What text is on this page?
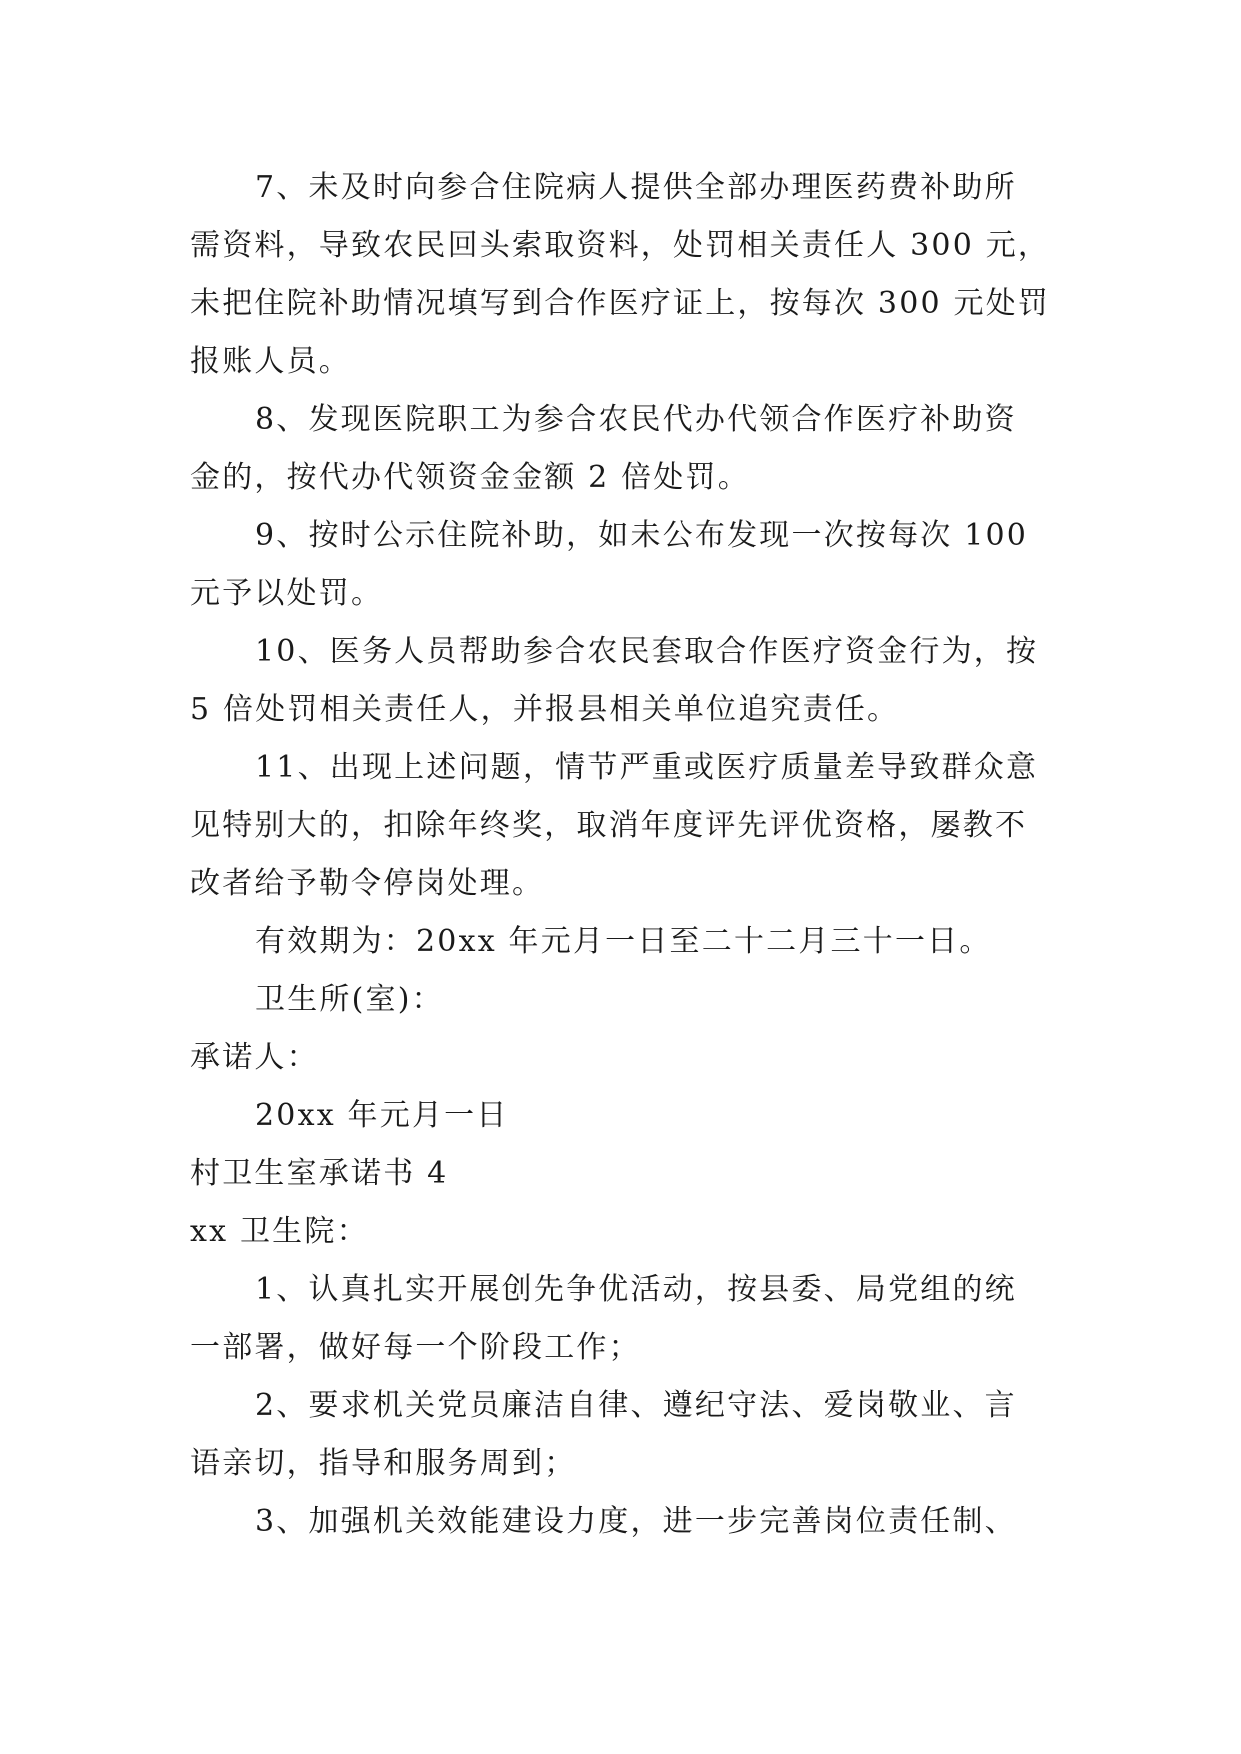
7、未及时向参合住院病人提供全部办理医药费补助所
需资料，导致农民回头索取资料，处罚相关责任人 300 元，
未把住院补助情况填写到合作医疗证上，按每次 300 元处罚
报账人员。
8、发现医院职工为参合农民代办代领合作医疗补助资
金的，按代办代领资金金额 2 倍处罚。
9、按时公示住院补助，如未公布发现一次按每次 100
元予以处罚。
10、医务人员帮助参合农民套取合作医疗资金行为，按
5 倍处罚相关责任人，并报县相关单位追究责任。
11、出现上述问题，情节严重或医疗质量差导致群众意
见特别大的，扣除年终奖，取消年度评先评优资格，屡教不
改者给予勒令停岗处理。
有效期为：20xx 年元月一日至二十二月三十一日。
卫生所(室)：
承诺人：
20xx 年元月一日
村卫生室承诺书 4
xx 卫生院：
1、认真扎实开展创先争优活动，按县委、局党组的统
一部署，做好每一个阶段工作；
2、要求机关党员廉洁自律、遵纪守法、爱岗敬业、言
语亲切，指导和服务周到；
3、加强机关效能建设力度，进一步完善岗位责任制、
